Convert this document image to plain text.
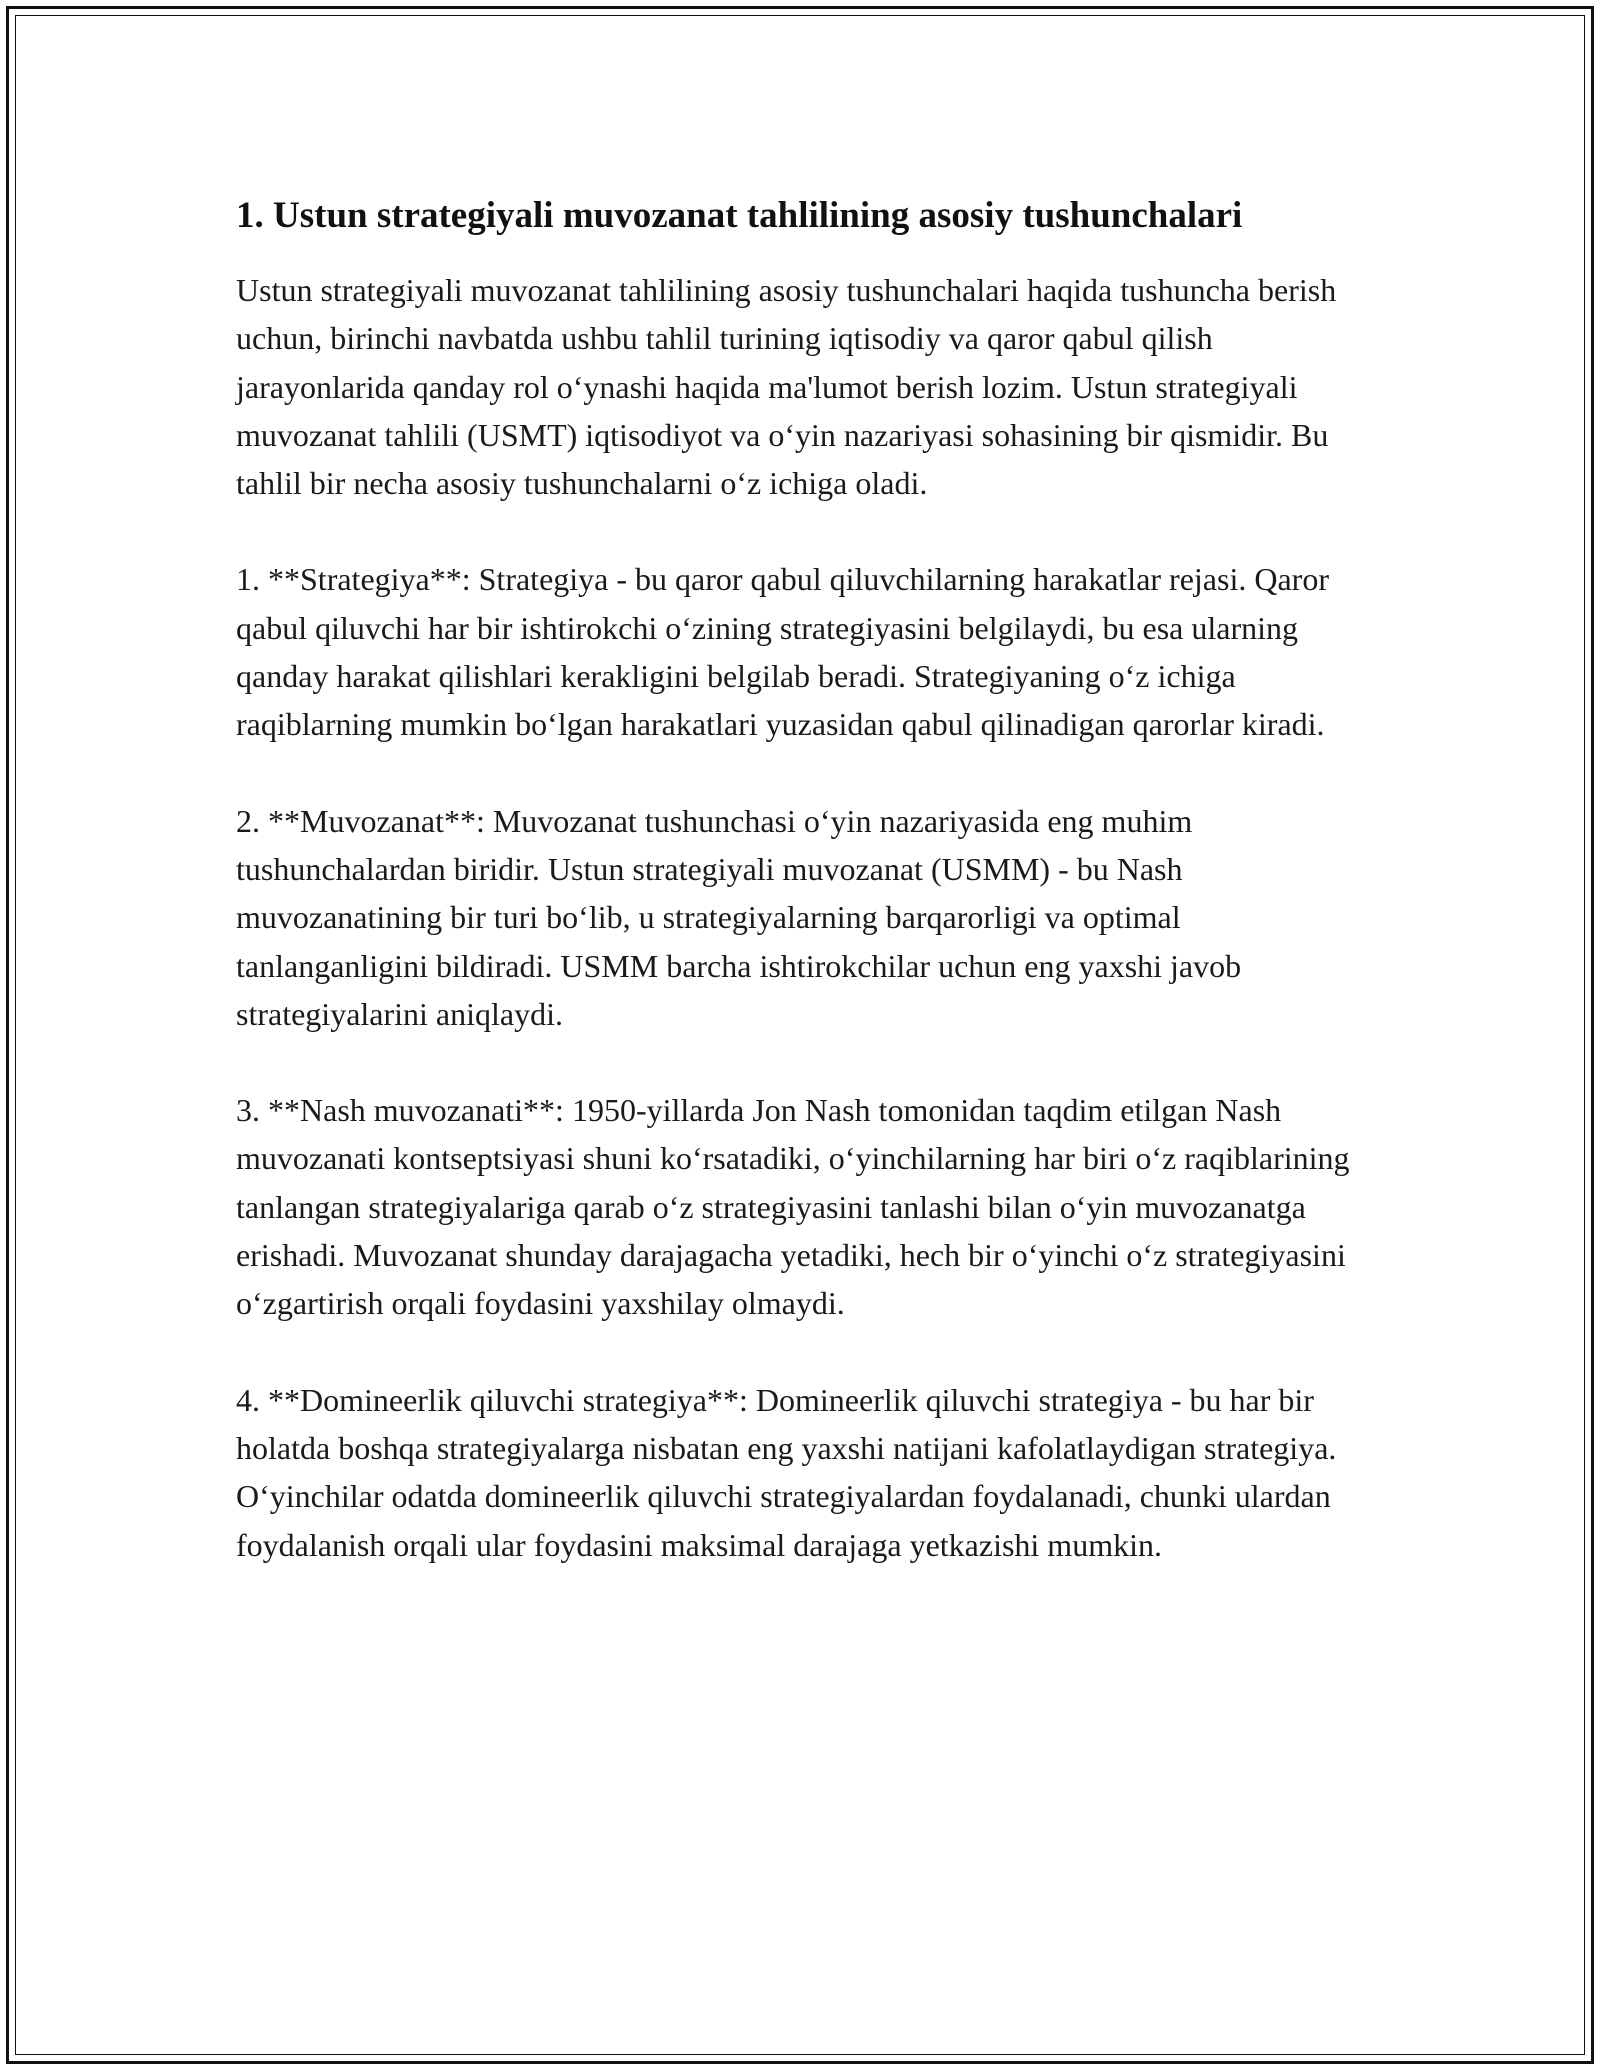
1. Ustun strategiyali muvozanat tahlilining asosiy tushunchalari

Ustun strategiyali muvozanat tahlilining asosiy tushunchalari haqida tushuncha berish uchun, birinchi navbatda ushbu tahlil turining iqtisodiy va qaror qabul qilish jarayonlarida qanday rol o‘ynashi haqida ma'lumot berish lozim. Ustun strategiyali muvozanat tahlili (USMT) iqtisodiyot va o‘yin nazariyasi sohasining bir qismidir. Bu tahlil bir necha asosiy tushunchalarni o‘z ichiga oladi.

1. **Strategiya**: Strategiya - bu qaror qabul qiluvchilarning harakatlar rejasi. Qaror qabul qiluvchi har bir ishtirokchi o‘zining strategiyasini belgilaydi, bu esa ularning qanday harakat qilishlari kerakligini belgilab beradi. Strategiyaning o‘z ichiga raqiblarning mumkin bo‘lgan harakatlari yuzasidan qabul qilinadigan qarorlar kiradi.

2. **Muvozanat**: Muvozanat tushunchasi o‘yin nazariyasida eng muhim tushunchalardan biridir. Ustun strategiyali muvozanat (USMM) - bu Nash muvozanatining bir turi bo‘lib, u strategiyalarning barqarorligi va optimal tanlanganligini bildiradi. USMM barcha ishtirokchilar uchun eng yaxshi javob strategiyalarini aniqlaydi.

3. **Nash muvozanati**: 1950-yillarda Jon Nash tomonidan taqdim etilgan Nash muvozanati kontseptsiyasi shuni ko‘rsatadiki, o‘yinchilarning har biri o‘z raqiblarining tanlangan strategiyalariga qarab o‘z strategiyasini tanlashi bilan o‘yin muvozanatga erishadi. Muvozanat shunday darajagacha yetadiki, hech bir o‘yinchi o‘z strategiyasini o‘zgartirish orqali foydasini yaxshilay olmaydi.

4. **Domineerlik qiluvchi strategiya**: Domineerlik qiluvchi strategiya - bu har bir holatda boshqa strategiyalarga nisbatan eng yaxshi natijani kafolatlaydigan strategiya. O‘yinchilar odatda domineerlik qiluvchi strategiyalardan foydalanadi, chunki ulardan foydalanish orqali ular foydasini maksimal darajaga yetkazishi mumkin.
